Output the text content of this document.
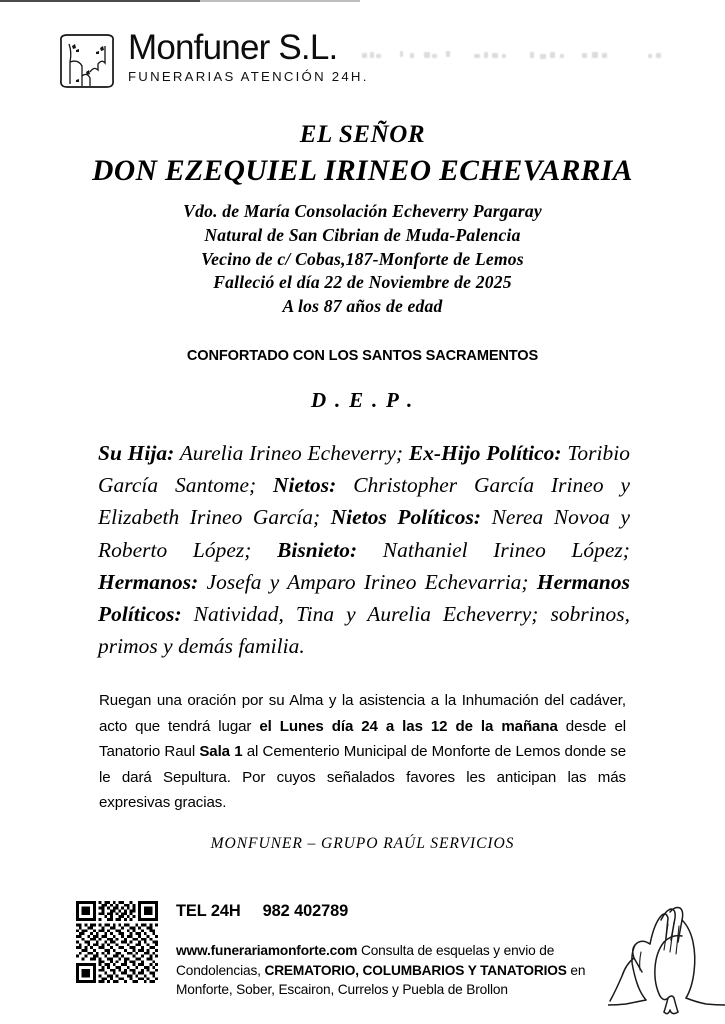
Monfuner S.L.
FUNERARIAS ATENCIÓN 24H.
EL SEÑOR
DON EZEQUIEL IRINEO ECHEVARRIA
Vdo. de María Consolación Echeverry Pargaray
Natural de San Cibrian de Muda-Palencia
Vecino de c/ Cobas,187-Monforte de Lemos
Falleció el día 22 de Noviembre de 2025
A los 87 años de edad
CONFORTADO CON LOS SANTOS SACRAMENTOS
D . E . P .
Su Hija: Aurelia Irineo Echeverry; Ex-Hijo Político: Toribio García Santome; Nietos: Christopher García Irineo y Elizabeth Irineo García; Nietos Políticos: Nerea Novoa y Roberto López; Bisnieto: Nathaniel Irineo López; Hermanos: Josefa y Amparo Irineo Echevarria; Hermanos Políticos: Natividad, Tina y Aurelia Echeverry; sobrinos, primos y demás familia.
Ruegan una oración por su Alma y la asistencia a la Inhumación del cadáver, acto que tendrá lugar el Lunes día 24 a las 12 de la mañana desde el Tanatorio Raul Sala 1 al Cementerio Municipal de Monforte de Lemos donde se le dará Sepultura. Por cuyos señalados favores les anticipan las más expresivas gracias.
MONFUNER – GRUPO RAÚL SERVICIOS
TEL 24H 982 402789
www.funerariamonforte.com Consulta de esquelas y envio de Condolencias, CREMATORIO, COLUMBARIOS Y TANATORIOS en Monforte, Sober, Escairon, Currelos y Puebla de Brollon
